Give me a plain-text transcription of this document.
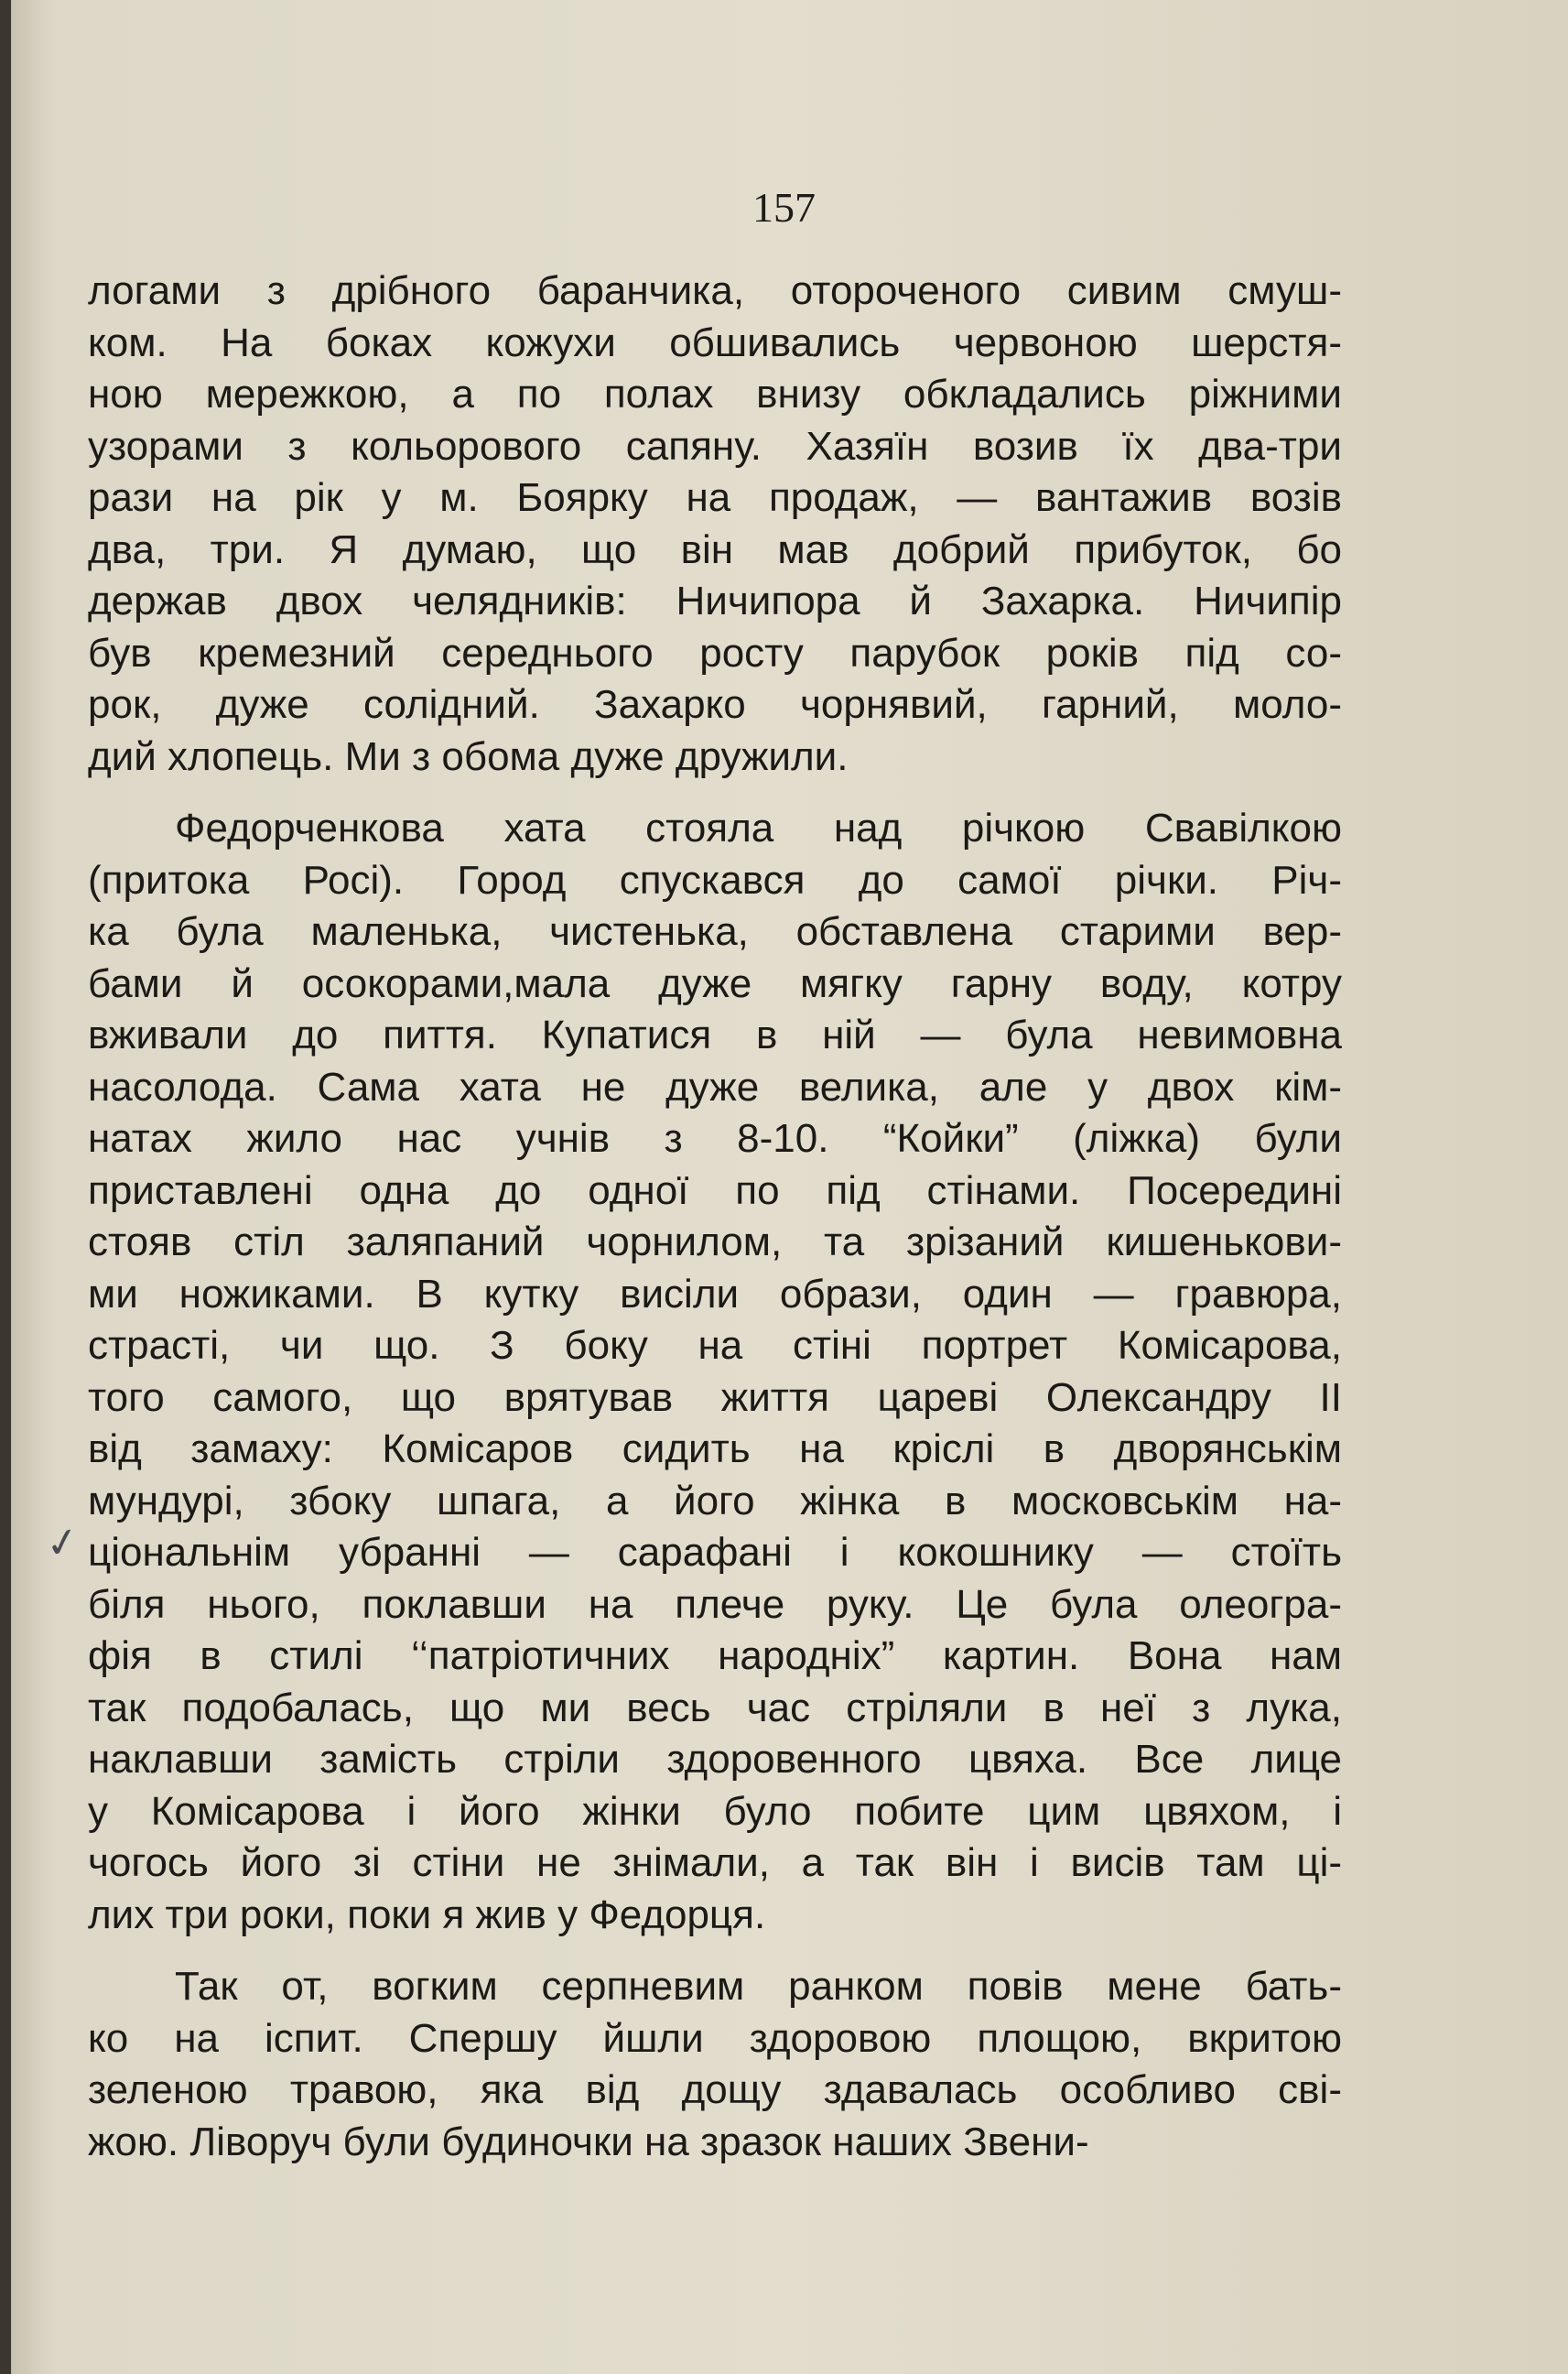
157
✓

логами з дрібного баранчика, отороченого сивим смуш-
ком. На боках кожухи обшивались червоною шерстя-
ною мережкою, а по полах внизу обкладались ріжними
узорами з кольорового сапяну. Хазяїн возив їх два-три
рази на рік у м. Боярку на продаж, — вантажив возів
два, три. Я думаю, що він мав добрий прибуток, бо
держав двох челядників: Ничипора й Захарка. Ничипір
був кремезний середнього росту парубок років під со-
рок, дуже солідний. Захарко чорнявий, гарний, моло-
дий хлопець. Ми з обома дуже дружили.

Федорченкова хата стояла над річкою Свавілкою
(притока Росі). Город спускався до самої річки. Річ-
ка була маленька, чистенька, обставлена старими вер-
бами й осокорами,мала дуже мягку гарну воду, котру
вживали до пиття. Купатися в ній — була невимовна
насолода. Сама хата не дуже велика, але у двох кім-
натах жило нас учнів з 8-10. “Койки” (ліжка) були
приставлені одна до одної по під стінами. Посередині
стояв стіл заляпаний чорнилом, та зрізаний кишенькови-
ми ножиками. В кутку висіли образи, один — гравюра,
страсті, чи що. З боку на стіні портрет Комісарова,
того самого, що врятував життя цареві Олександру II
від замаху: Комісаров сидить на кріслі в дворянськім
мундурі, збоку шпага, а його жінка в московськім на-
ціональнім убранні — сарафані і кокошнику — стоїть
біля нього, поклавши на плече руку. Це була олеогра-
фія в стилі ‘‘патріотичних народніх” картин. Вона нам
так подобалась, що ми весь час стріляли в неї з лука,
наклавши замість стріли здоровенного цвяха. Все лице
у Комісарова і його жінки було побите цим цвяхом, і
чогось його зі стіни не знімали, а так він і висів там ці-
лих три роки, поки я жив у Федорця.

Так от, вогким серпневим ранком повів мене бать-
ко на іспит. Спершу йшли здоровою площою, вкритою
зеленою травою, яка від дощу здавалась особливо сві-
жою. Ліворуч були будиночки на зразок наших Звени-
